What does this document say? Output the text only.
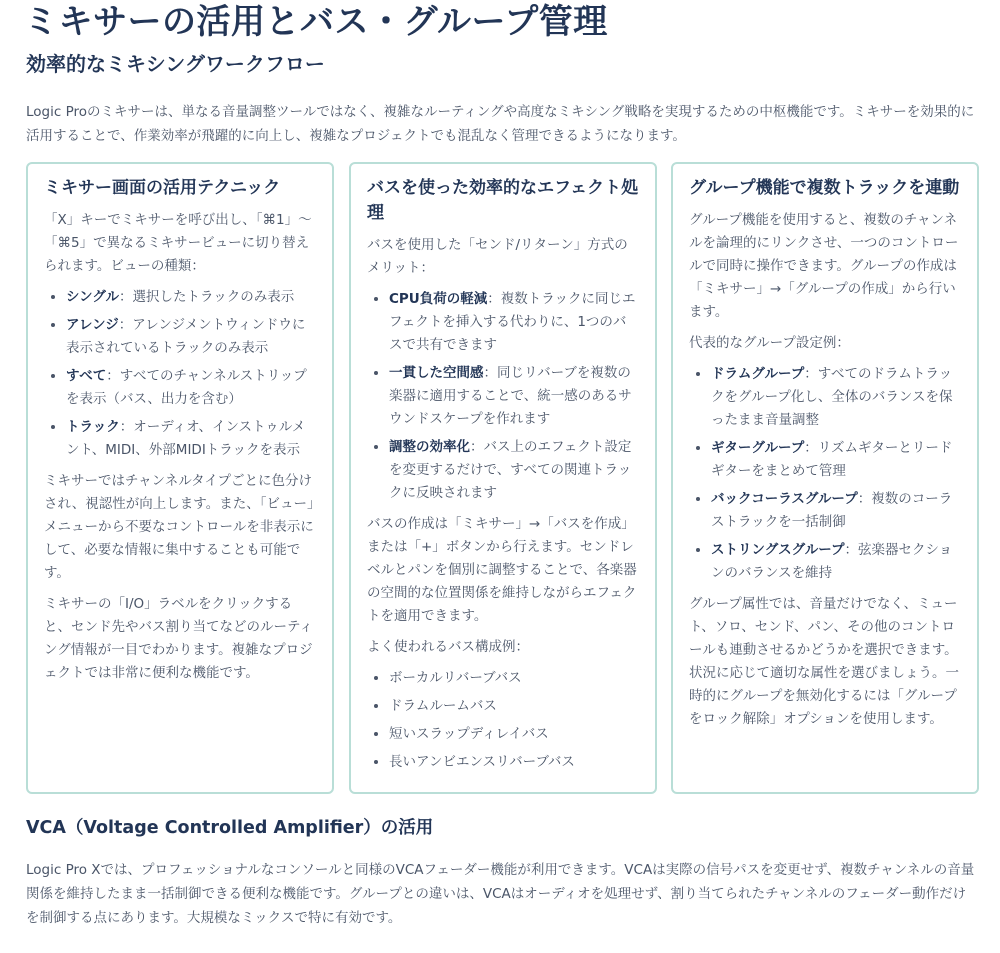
ミキサーの活用とバス・グループ管理
効率的なミキシングワークフロー

Logic Proのミキサーは、単なる音量調整ツールではなく、複雑なルーティングや高度なミキシング戦略を実現するための中枢機能です。ミキサーを効果的に活用することで、作業効率が飛躍的に向上し、複雑なプロジェクトでも混乱なく管理できるようになります。

ミキサー画面の活用テクニック

「X」キーでミキサーを呼び出し、「⌘1」〜「⌘5」で異なるミキサービューに切り替えられます。ビューの種類：

• シングル：選択したトラックのみ表示
• アレンジ：アレンジメントウィンドウに表示されているトラックのみ表示
• すべて：すべてのチャンネルストリップを表示（バス、出力を含む）
• トラック：オーディオ、インストゥルメント、MIDI、外部MIDIトラックを表示

ミキサーではチャンネルタイプごとに色分けされ、視認性が向上します。また、「ビュー」メニューから不要なコントロールを非表示にして、必要な情報に集中することも可能です。

ミキサーの「I/O」ラベルをクリックすると、センド先やバス割り当てなどのルーティング情報が一目でわかります。複雑なプロジェクトでは非常に便利な機能です。

バスを使った効率的なエフェクト処理

バスを使用した「センド/リターン」方式のメリット：

• CPU負荷の軽減：複数トラックに同じエフェクトを挿入する代わりに、1つのバスで共有できます
• 一貫した空間感：同じリバーブを複数の楽器に適用することで、統一感のあるサウンドスケープを作れます
• 調整の効率化：バス上のエフェクト設定を変更するだけで、すべての関連トラックに反映されます

バスの作成は「ミキサー」→「バスを作成」または「+」ボタンから行えます。センドレベルとパンを個別に調整することで、各楽器の空間的な位置関係を維持しながらエフェクトを適用できます。

よく使われるバス構成例：

• ボーカルリバーブバス
• ドラムルームバス
• 短いスラップディレイバス
• 長いアンビエンスリバーブバス
グループ機能で複数トラックを連動

グループ機能を使用すると、複数のチャンネルを論理的にリンクさせ、一つのコントロールで同時に操作できます。グループの作成は「ミキサー」→「グループの作成」から行います。

代表的なグループ設定例：

• ドラムグループ：すべてのドラムトラックをグループ化し、全体のバランスを保ったまま音量調整
• ギターグループ：リズムギターとリードギターをまとめて管理
• バックコーラスグループ：複数のコーラストラックを一括制御
• ストリングスグループ：弦楽器セクションのバランスを維持

グループ属性では、音量だけでなく、ミュート、ソロ、センド、パン、その他のコントロールも連動させるかどうかを選択できます。状況に応じて適切な属性を選びましょう。一時的にグループを無効化するには「グループをロック解除」オプションを使用します。

VCA（Voltage Controlled Amplifier）の活用

Logic Pro Xでは、プロフェッショナルなコンソールと同様のVCAフェーダー機能が利用できます。VCAは実際の信号パスを変更せず、複数チャンネルの音量関係を維持したまま一括制御できる便利な機能です。グループとの違いは、VCAはオーディオを処理せず、割り当てられたチャンネルのフェーダー動作だけを制御する点にあります。大規模なミックスで特に有効です。
